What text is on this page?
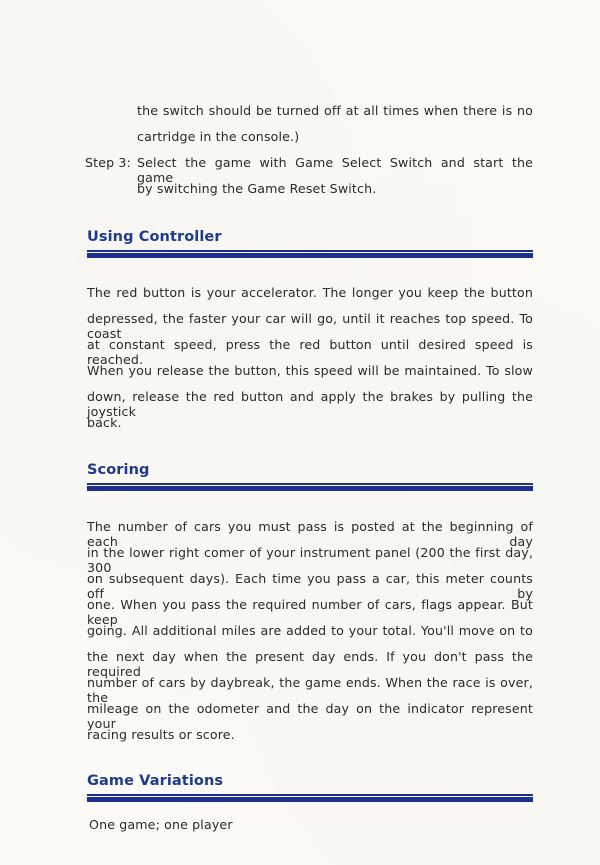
the switch should be turned off at all times when there is no
cartridge in the console.)
Step 3: Select the game with Game Select Switch and start the game
by switching the Game Reset Switch.
Using Controller
The red button is your accelerator. The longer you keep the button
depressed, the faster your car will go, until it reaches top speed. To coast
at constant speed, press the red button until desired speed is reached.
When you release the button, this speed will be maintained. To slow
down, release the red button and apply the brakes by pulling the joystick
back.
Scoring
The number of cars you must pass is posted at the beginning of each day
in the lower right comer of your instrument panel (200 the first day, 300
on subsequent days). Each time you pass a car, this meter counts off by
one. When you pass the required number of cars, flags appear. But keep
going. All additional miles are added to your total. You'll move on to
the next day when the present day ends. If you don't pass the required
number of cars by daybreak, the game ends. When the race is over, the
mileage on the odometer and the day on the indicator represent your
racing results or score.
Game Variations
One game; one player
